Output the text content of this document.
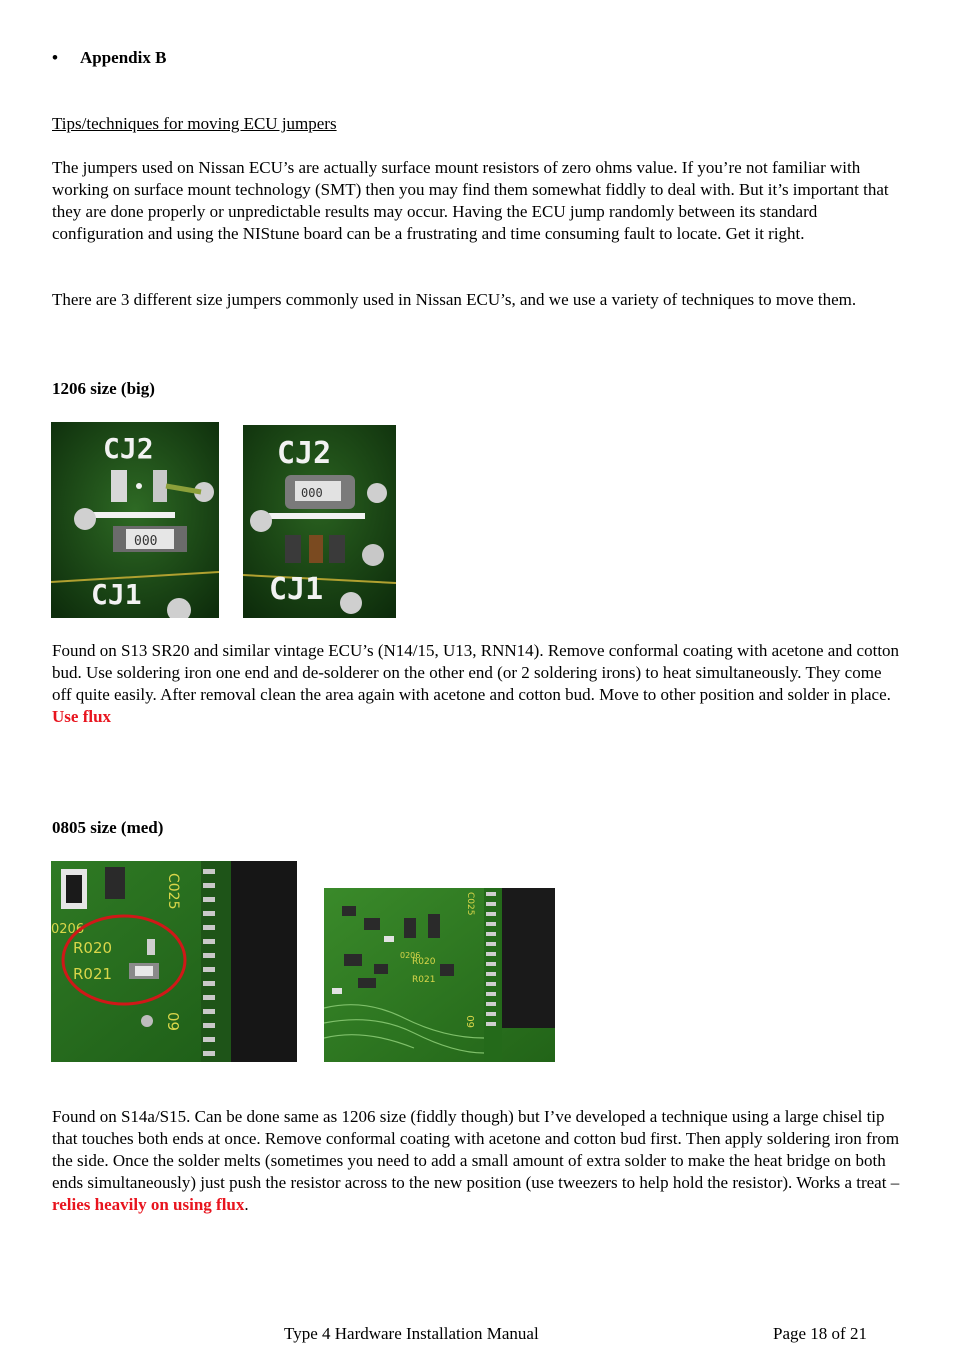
• Appendix B
Tips/techniques for moving ECU jumpers
The jumpers used on Nissan ECU’s are actually surface mount resistors of zero ohms value. If you’re not familiar with working on surface mount technology (SMT) then you may find them somewhat fiddly to deal with. But it’s important that they are done properly or unpredictable results may occur. Having the ECU jump randomly between its standard configuration and using the NIStune board can be a frustrating and time consuming fault to locate. Get it right.
There are 3 different size jumpers commonly used in Nissan ECU’s, and we use a variety of techniques to move them.
1206 size (big)
CJ2
000
CJ1
CJ2
000
CJ1
Found on S13 SR20 and similar vintage ECU’s (N14/15, U13, RNN14). Remove conformal coating with acetone and cotton bud. Use soldering iron one end and de-solderer on the other end (or 2 soldering irons) to heat simultaneously. They come off quite easily. After removal clean the area again with acetone and cotton bud. Move to other position and solder in place. Use flux
0805 size (med)
C025
0206
R020
R021
60
R020
R021
C025
0206
60
Found on S14a/S15. Can be done same as 1206 size (fiddly though) but I’ve developed a technique using a large chisel tip that touches both ends at once. Remove conformal coating with acetone and cotton bud first. Then apply soldering iron from the side. Once the solder melts (sometimes you need to add a small amount of extra solder to make the heat bridge on both ends simultaneously) just push the resistor across to the new position (use tweezers to help hold the resistor). Works a treat – relies heavily on using flux.
Type 4 Hardware Installation Manual	Page 18 of 21
